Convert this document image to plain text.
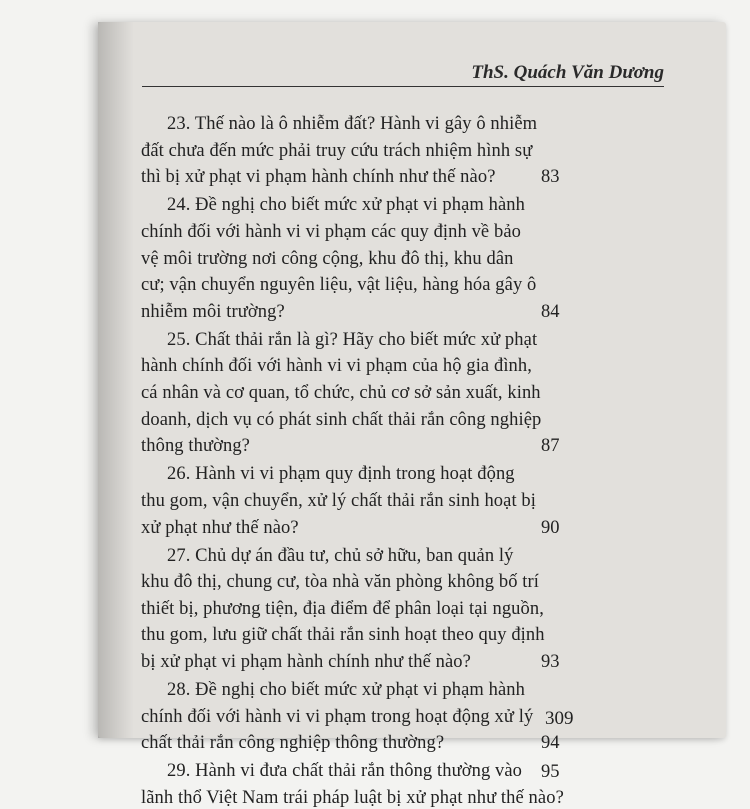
ThS. Quách Văn Dương
23. Thế nào là ô nhiễm đất? Hành vi gây ô nhiễm
đất chưa đến mức phải truy cứu trách nhiệm hình sự
thì bị xử phạt vi phạm hành chính như thế nào? 83
24. Đề nghị cho biết mức xử phạt vi phạm hành
chính đối với hành vi vi phạm các quy định về bảo
vệ môi trường nơi công cộng, khu đô thị, khu dân
cư; vận chuyển nguyên liệu, vật liệu, hàng hóa gây ô
nhiễm môi trường?	84
25. Chất thải rắn là gì? Hãy cho biết mức xử phạt
hành chính đối với hành vi vi phạm của hộ gia đình,
cá nhân và cơ quan, tổ chức, chủ cơ sở sản xuất, kinh
doanh, dịch vụ có phát sinh chất thải rắn công nghiệp
thông thường?	87
26. Hành vi vi phạm quy định trong hoạt động
thu gom, vận chuyển, xử lý chất thải rắn sinh hoạt bị
xử phạt như thế nào?	90
27. Chủ dự án đầu tư, chủ sở hữu, ban quản lý
khu đô thị, chung cư, tòa nhà văn phòng không bố trí
thiết bị, phương tiện, địa điểm để phân loại tại nguồn,
thu gom, lưu giữ chất thải rắn sinh hoạt theo quy định
bị xử phạt vi phạm hành chính như thế nào?	93
28. Đề nghị cho biết mức xử phạt vi phạm hành
chính đối với hành vi vi phạm trong hoạt động xử lý
chất thải rắn công nghiệp thông thường?	94
29. Hành vi đưa chất thải rắn thông thường vào
lãnh thổ Việt Nam trái pháp luật bị xử phạt như thế nào?
95
309
